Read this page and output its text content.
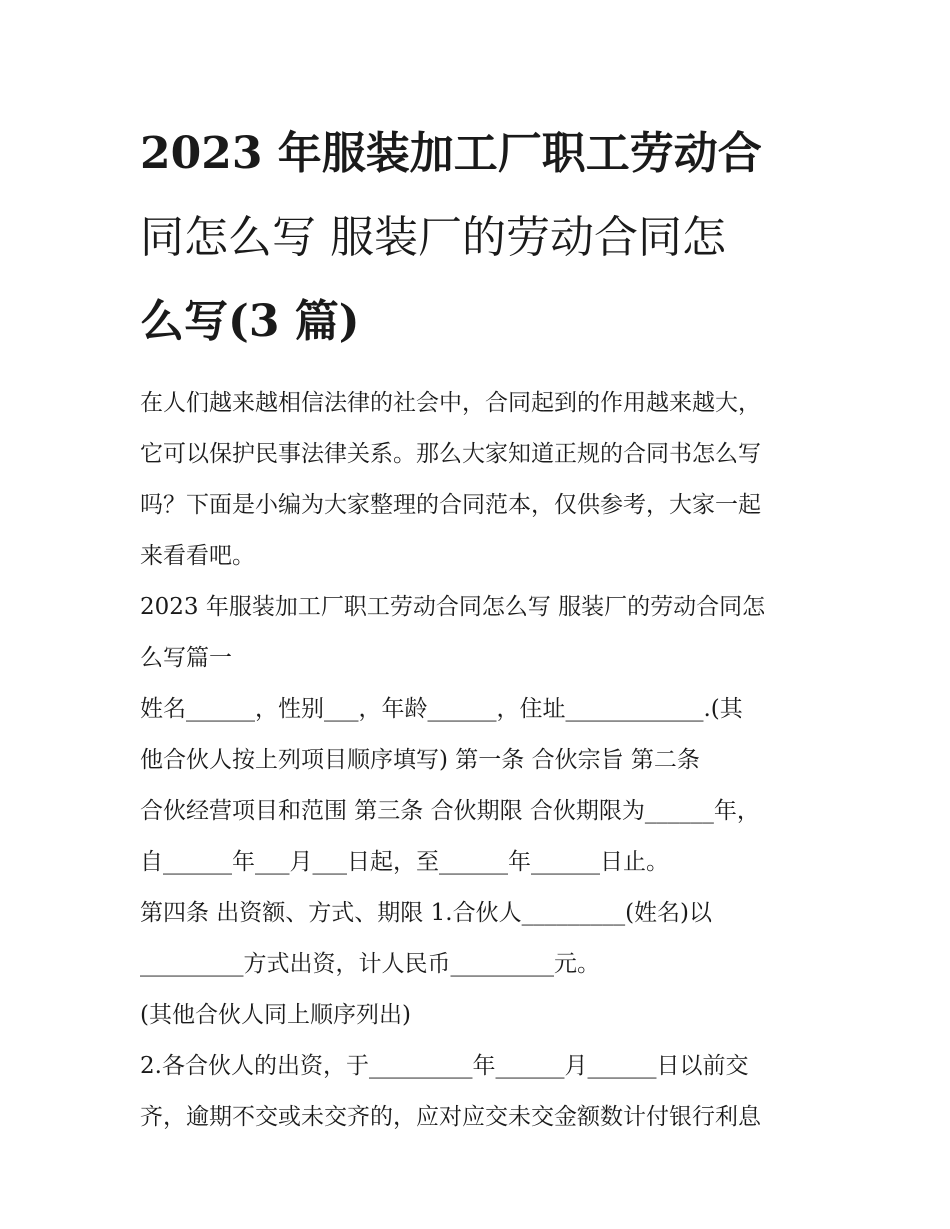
2023 年服装加工厂职工劳动合
同怎么写 服装厂的劳动合同怎
么写(3 篇)
在人们越来越相信法律的社会中，合同起到的作用越来越大，
它可以保护民事法律关系。那么大家知道正规的合同书怎么写
吗？下面是小编为大家整理的合同范本，仅供参考，大家一起
来看看吧。
2023 年服装加工厂职工劳动合同怎么写 服装厂的劳动合同怎
么写篇一
姓名______，性别___，年龄______，住址____________.(其
他合伙人按上列项目顺序填写) 第一条 合伙宗旨 第二条
合伙经营项目和范围 第三条 合伙期限 合伙期限为______年，
自______年___月___日起，至______年______日止。
第四条 出资额、方式、期限 1.合伙人_________(姓名)以
_________方式出资，计人民币_________元。
(其他合伙人同上顺序列出)
2.各合伙人的出资，于_________年______月______日以前交
齐，逾期不交或未交齐的，应对应交未交金额数计付银行利息
